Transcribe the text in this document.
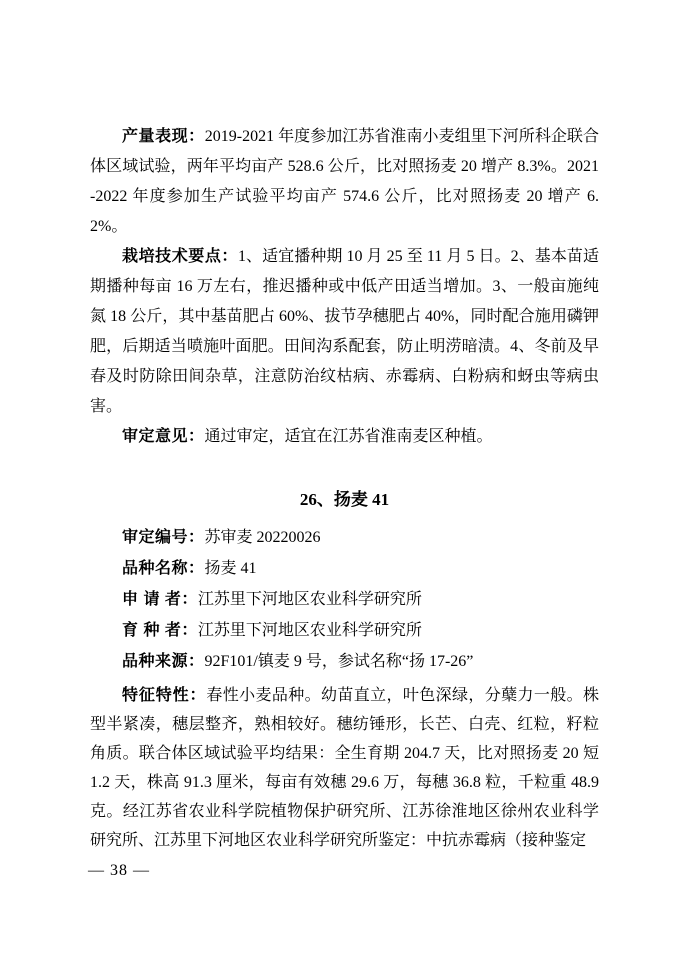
产量表现：2019-2021 年度参加江苏省淮南小麦组里下河所科企联合体区域试验，两年平均亩产 528.6 公斤，比对照扬麦 20 增产 8.3%。2021-2022 年度参加生产试验平均亩产 574.6 公斤，比对照扬麦 20 增产 6.2%。

栽培技术要点：1、适宜播种期 10 月 25 至 11 月 5 日。2、基本苗适期播种每亩 16 万左右，推迟播种或中低产田适当增加。3、一般亩施纯氮 18 公斤，其中基苗肥占 60%、拔节孕穗肥占 40%，同时配合施用磷钾肥，后期适当喷施叶面肥。田间沟系配套，防止明涝暗渍。4、冬前及早春及时防除田间杂草，注意防治纹枯病、赤霉病、白粉病和蚜虫等病虫害。

审定意见：通过审定，适宜在江苏省淮南麦区种植。

26、扬麦 41

审定编号：苏审麦 20220026
品种名称：扬麦 41
申 请 者：江苏里下河地区农业科学研究所
育 种 者：江苏里下河地区农业科学研究所
品种来源：92F101/镇麦 9 号，参试名称“扬 17-26”

特征特性：春性小麦品种。幼苗直立，叶色深绿，分蘖力一般。株型半紧凑，穗层整齐，熟相较好。穗纺锤形，长芒、白壳、红粒，籽粒角质。联合体区域试验平均结果：全生育期 204.7 天，比对照扬麦 20 短 1.2 天，株高 91.3 厘米，每亩有效穗 29.6 万，每穗 36.8 粒，千粒重 48.9 克。经江苏省农业科学院植物保护研究所、江苏徐淮地区徐州农业科学研究所、江苏里下河地区农业科学研究所鉴定：中抗赤霉病（接种鉴定

— 38 —
